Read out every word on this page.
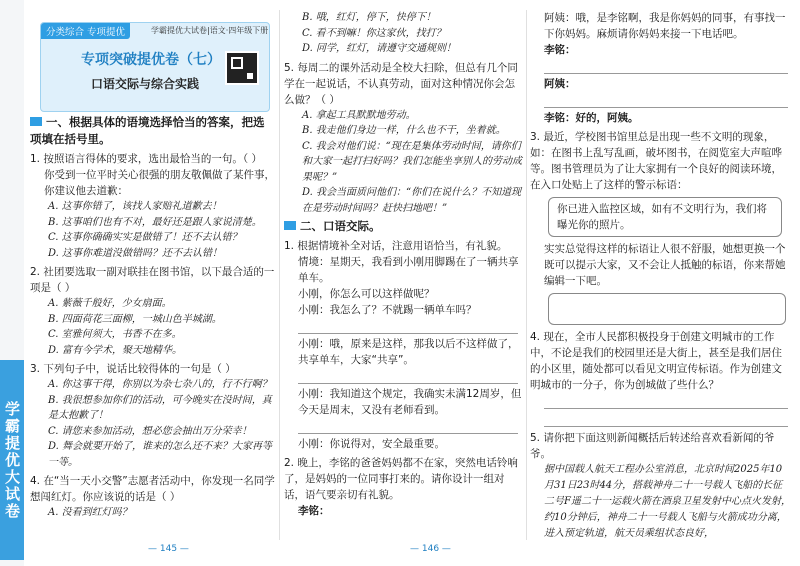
学霸提优大试卷
分类综合 专项提优	学霸提优大试卷|语文·四年级下册
专项突破提优卷（七）
口语交际与综合实践
一、根据具体的语境选择恰当的答案，把选项填在括号里。
1. 按照语言得体的要求，选出最恰当的一句。（ ）
你受到一位平时关心很强的朋友敬佩做了某件事，你建议他去道歉：
A. 这事你错了，该找人家赔礼道歉去！
B. 这事咱们也有不对，最好还是跟人家说清楚。
C. 这事你确确实实是做错了！还不去认错？
D. 这事你难道没做错吗？还不去认错！
2. 社团要选取一副对联挂在图书馆，以下最合适的一项是（ ）
A. 紫薇千般好，少女扇面。
B. 四面荷花三面柳，一城山色半城湖。
C. 室雅何须大，书香不在多。
D. 富有今学术，聚天地精华。
3. 下列句子中，说话比较得体的一句是（ ）
A. 你这事干得，你别以为杂七杂八的，行不行啊？
B. 我很想参加你们的活动，可今晚实在没时间，真是太抱歉了！
C. 请您来参加活动，想必您会抽出万分荣幸！
D. 舞会就要开始了，谁来的怎么还不来？大家再等一等。
4. 在“当一天小交警”志愿者活动中，你发现一名同学想闯红灯。你应该说的话是（ ）
A. 没看到红灯吗？
B. 哦，红灯，停下，快停下！
C. 看不到嘛！你这家伙，找打？
D. 同学，红灯，请遵守交通规则！
5. 每周二的课外活动是全校大扫除，但总有几个同学在一起说话，不认真劳动，面对这种情况你会怎么做？（ ）
A. 拿起工具默默地劳动。
B. 我走他们身边一样，什么也不干，坐着就。
C. 我会对他们说：“现在是集体劳动时间，请你们和大家一起打扫好吗？我们怎能坐享别人的劳动成果呢？”
D. 我会当面质问他们：“你们在说什么？不知道现在是劳动时间吗？赶快扫地吧！”
二、口语交际。
1. 根据情境补全对话，注意用语恰当，有礼貌。
情境：星期天，我看到小刚用脚踢在了一辆共享单车。
小刚，你怎么可以这样做呢？
小刚：我怎么了？不就踢一辆单车吗？
小刚：哦，原来是这样，那我以后不这样做了，共享单车，大家“共享”。
小刚：我知道这个规定，我确实未满12周岁，但今天是周末，又没有老师看到。
小刚：你说得对，安全最重要。
2. 晚上，李铭的爸爸妈妈都不在家，突然电话铃响了，是妈妈的一位同事打来的。请你设计一组对话，语气要亲切有礼貌。
李铭：
阿姨：哦，是李铭啊，我是你妈妈的同事，有事找一下你妈妈。麻烦请你妈妈来接一下电话吧。
李铭：
阿姨：
李铭：好的，阿姨。
3. 最近，学校图书馆里总是出现一些不文明的现象，如：在图书上乱写乱画，破坏图书，在阅览室大声喧哗等。图书管理员为了让大家拥有一个良好的阅读环境，在入口处贴上了这样的警示标语：
你已进入监控区域，如有不文明行为，我们将曝光你的照片。
实实总觉得这样的标语让人很不舒服，她想更换一个既可以提示大家，又不会让人抵触的标语，你来帮她编辑一下吧。
4. 现在，全市人民都积极投身于创建文明城市的工作中，不论是我们的校园里还是大街上，甚至是我们居住的小区里，随处都可以看见文明宣传标语。作为创建文明城市的一分子，你为创城做了些什么？
5. 请你把下面这则新闻概括后转述给喜欢看新闻的爷爷。
据中国载人航天工程办公室消息，北京时间2025年10月31日23时44分，搭载神舟二十一号载人飞船的长征二号F遥二十一运载火箭在酒泉卫星发射中心点火发射，约10分钟后，神舟二十一号载人飞船与火箭成功分离，进入预定轨道，航天员乘组状态良好，
— 145 —	— 146 —
